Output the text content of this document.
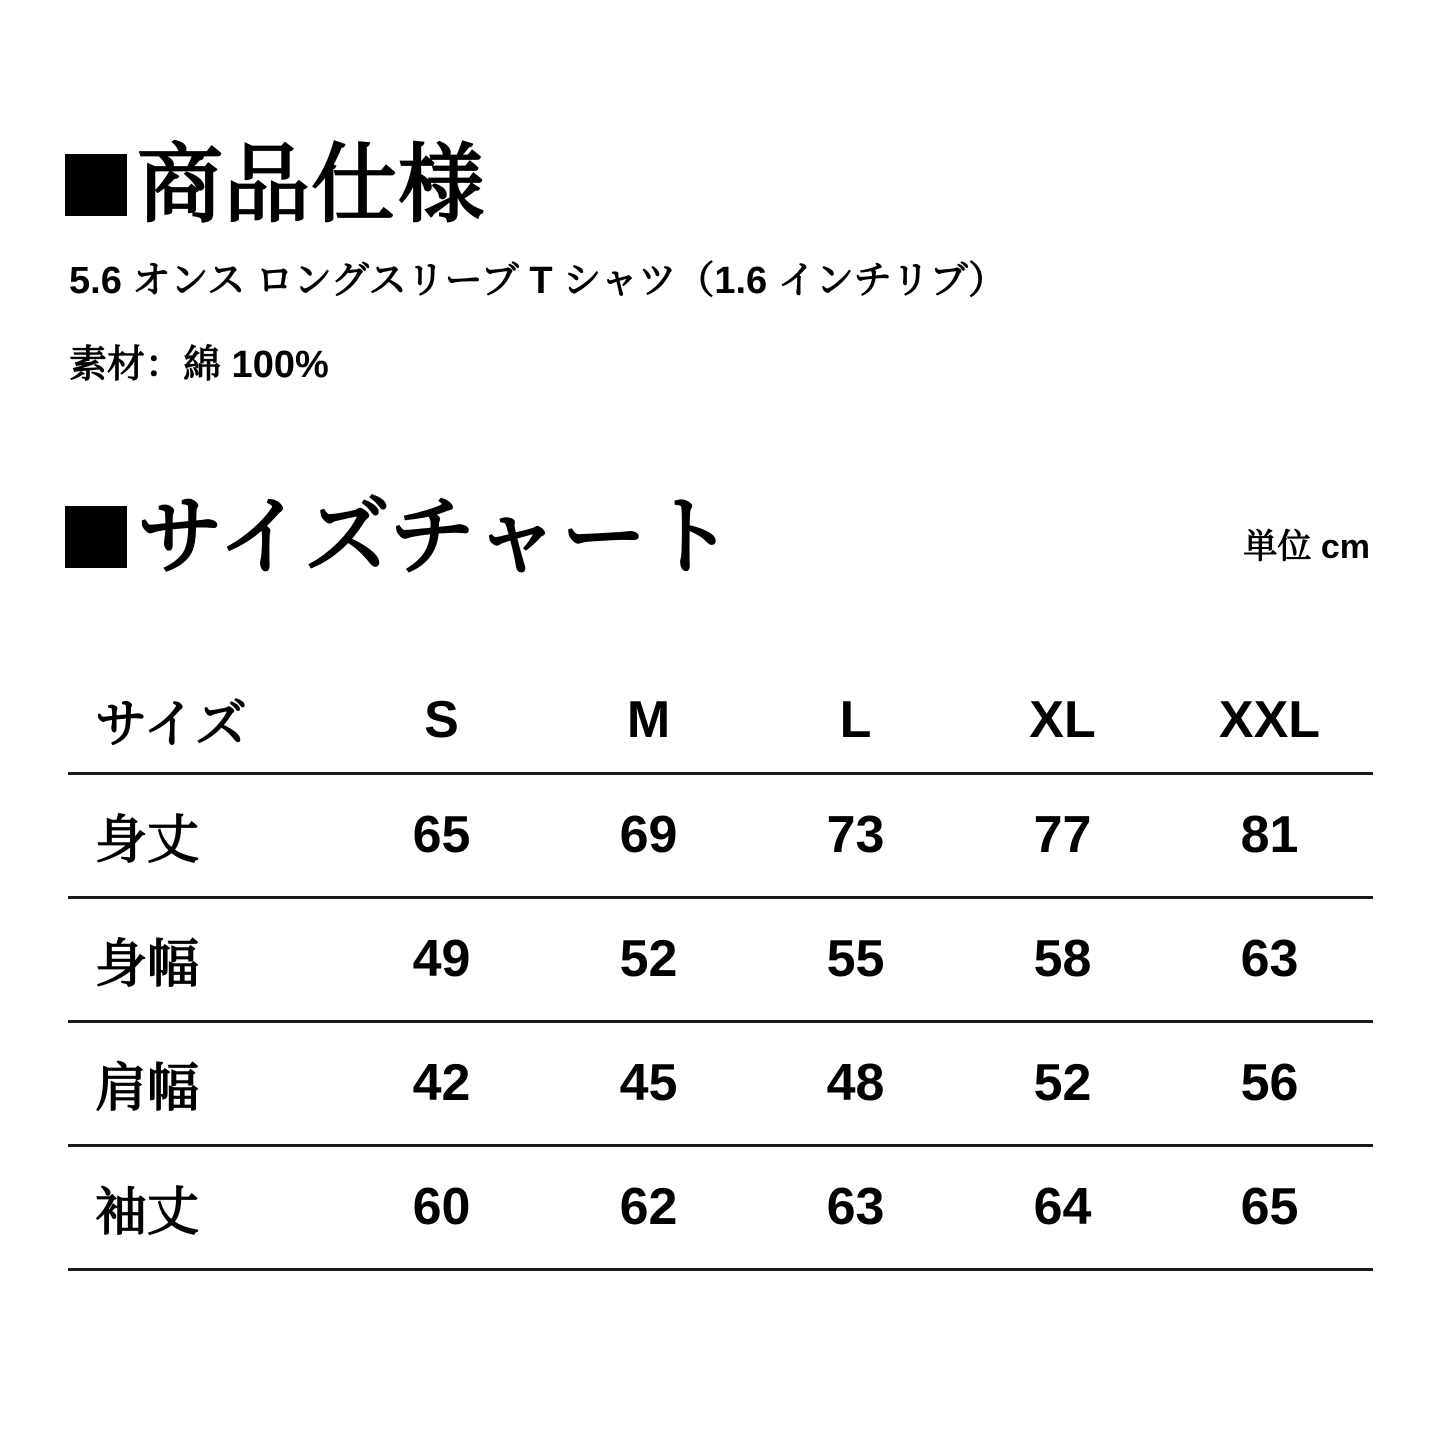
商品仕様
5.6 オンス ロングスリーブ T シャツ（1.6 インチリブ）
素材：綿 100%
サイズチャート	単位 cm
サイズ	S	M	L	XL	XXL
身丈	65	69	73	77	81
身幅	49	52	55	58	63
肩幅	42	45	48	52	56
袖丈	60	62	63	64	65
